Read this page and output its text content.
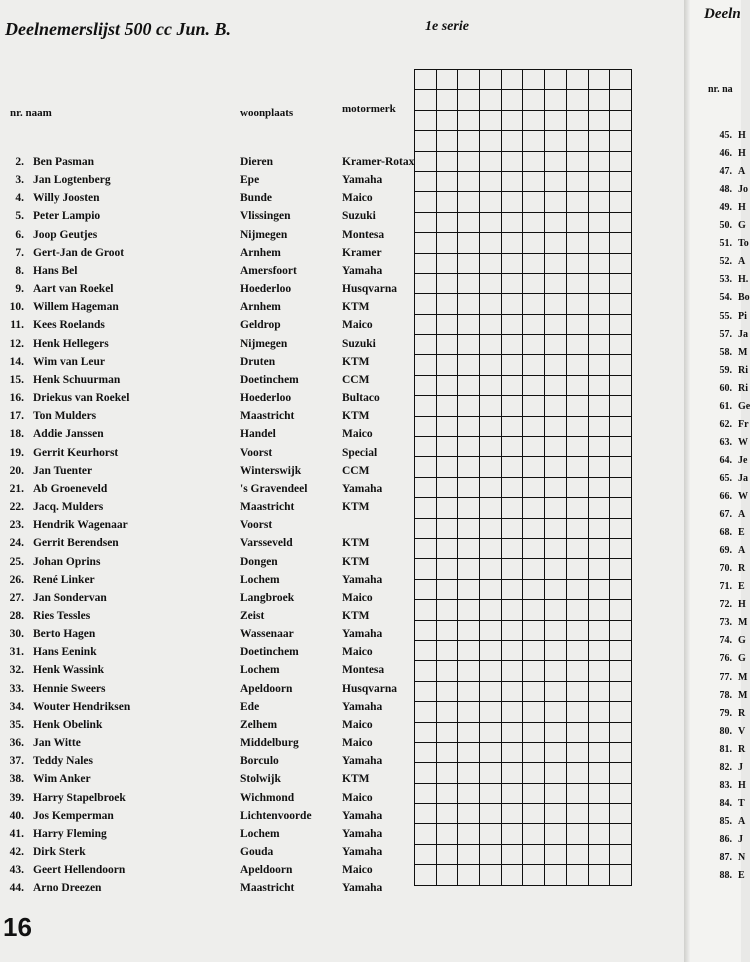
Deelnemerslijst 500 cc Jun. B.	1e serie
nr. naam	woonplaats	motormerk
2. Ben Pasman	Dieren	Kramer-Rotax
3. Jan Logtenberg	Epe	Yamaha
4. Willy Joosten	Bunde	Maico
5. Peter Lampio	Vlissingen	Suzuki
6. Joop Geutjes	Nijmegen	Montesa
7. Gert-Jan de Groot	Arnhem	Kramer
8. Hans Bel	Amersfoort	Yamaha
9. Aart van Roekel	Hoederloo	Husqvarna
10. Willem Hageman	Arnhem	KTM
11. Kees Roelands	Geldrop	Maico
12. Henk Hellegers	Nijmegen	Suzuki
14. Wim van Leur	Druten	KTM
15. Henk Schuurman	Doetinchem	CCM
16. Driekus van Roekel	Hoederloo	Bultaco
17. Ton Mulders	Maastricht	KTM
18. Addie Janssen	Handel	Maico
19. Gerrit Keurhorst	Voorst	Special
20. Jan Tuenter	Winterswijk	CCM
21. Ab Groeneveld	's Gravendeel	Yamaha
22. Jacq. Mulders	Maastricht	KTM
23. Hendrik Wagenaar	Voorst
24. Gerrit Berendsen	Varsseveld	KTM
25. Johan Oprins	Dongen	KTM
26. René Linker	Lochem	Yamaha
27. Jan Sondervan	Langbroek	Maico
28. Ries Tessles	Zeist	KTM
30. Berto Hagen	Wassenaar	Yamaha
31. Hans Eenink	Doetinchem	Maico
32. Henk Wassink	Lochem	Montesa
33. Hennie Sweers	Apeldoorn	Husqvarna
34. Wouter Hendriksen	Ede	Yamaha
35. Henk Obelink	Zelhem	Maico
36. Jan Witte	Middelburg	Maico
37. Teddy Nales	Borculo	Yamaha
38. Wim Anker	Stolwijk	KTM
39. Harry Stapelbroek	Wichmond	Maico
40. Jos Kemperman	Lichtenvoorde	Yamaha
41. Harry Fleming	Lochem	Yamaha
42. Dirk Sterk	Gouda	Yamaha
43. Geert Hellendoorn	Apeldoorn	Maico
44. Arno Dreezen	Maastricht	Yamaha
16
Deeln
nr. na
45. H
46. H
47. A
48. Jo
49. H
50. G
51. To
52. A
53. H.
54. Bo
55. Pi
57. Ja
58. M
59. Ri
60. Ri
61. Ge
62. Fr
63. W
64. Je
65. Ja
66. W
67. A
68. E
69. A
70. R
71. E
72. H
73. M
74. G
76. G
77. M
78. M
79. R
80. V
81. R
82. J
83. H
84. T
85. A
86. J
87. N
88. E
